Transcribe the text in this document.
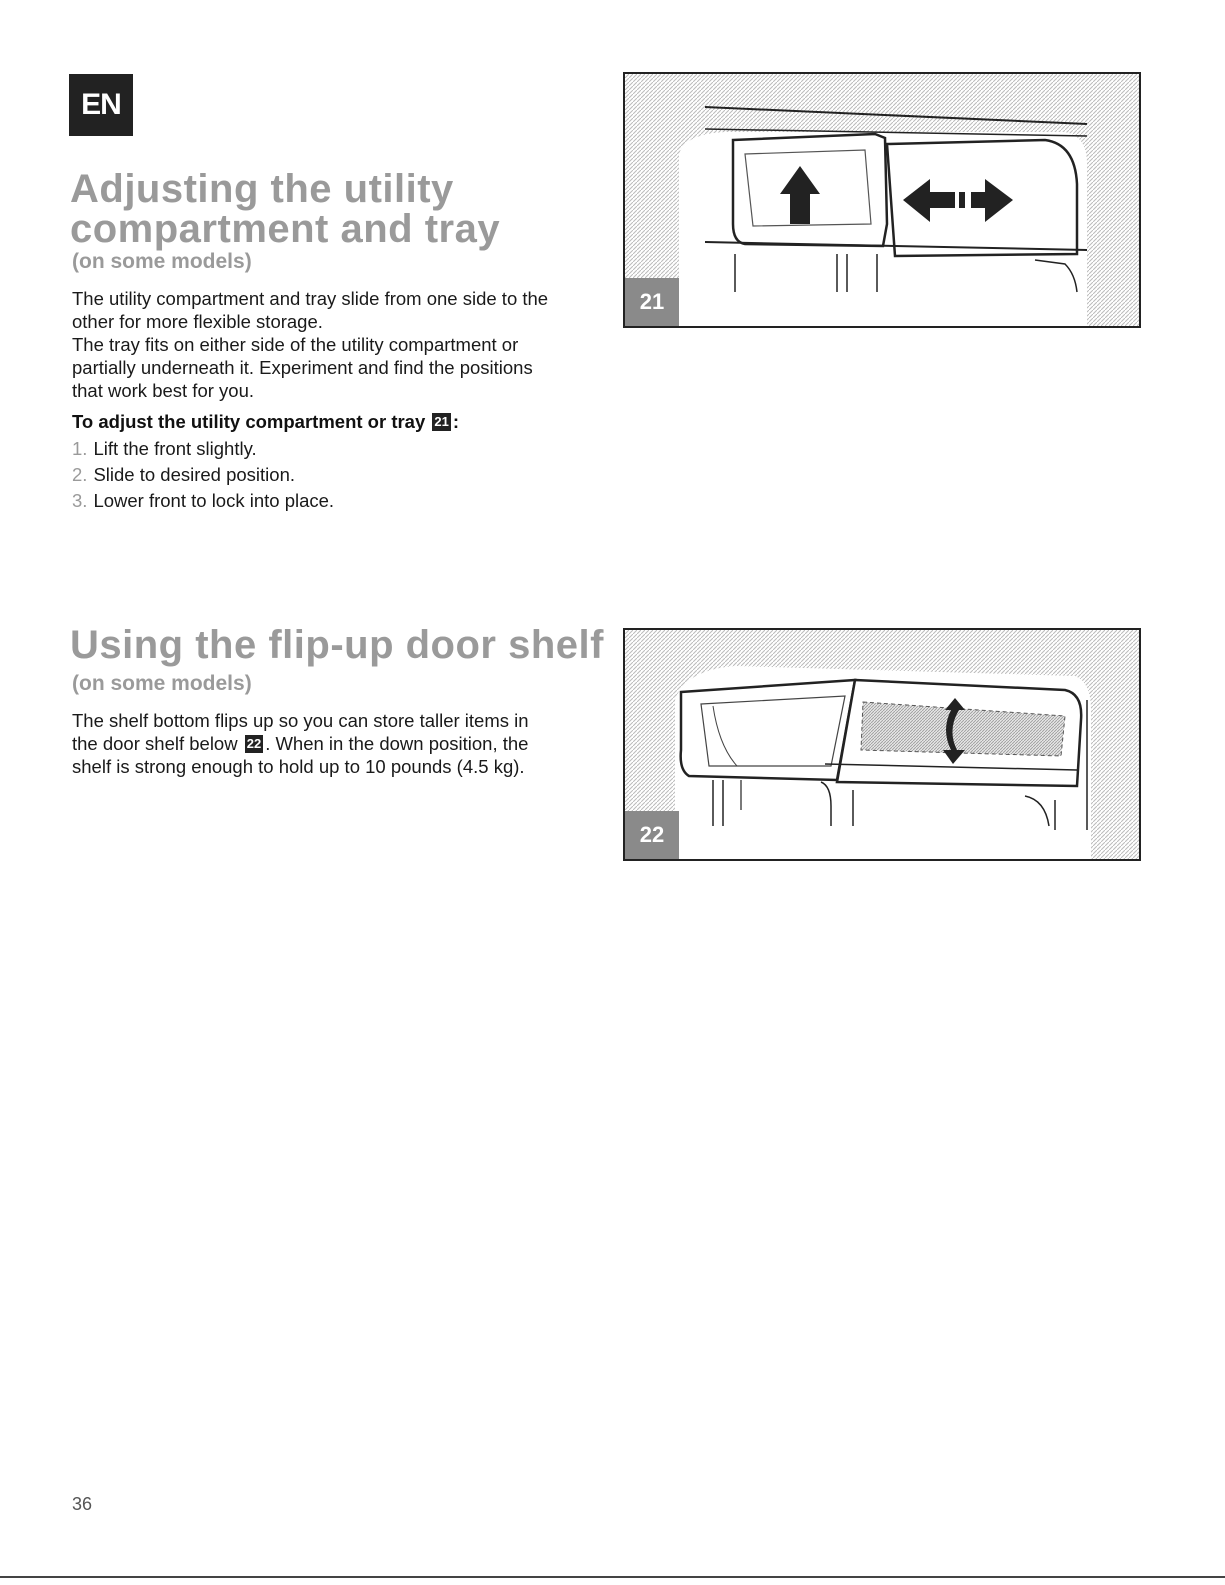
EN
Adjusting the utility
compartment and tray

(on some models)

The utility compartment and tray slide from one side to the
other for more flexible storage.
The tray fits on either side of the utility compartment or
partially underneath it. Experiment and find the positions
that work best for you.

To adjust the utility compartment or tray 21 :

1. Lift the front slightly.
2. Slide to desired position.
3. Lower front to lock into place.
21
Using the flip-up door shelf

(on some models)

The shelf bottom flips up so you can store taller items in
the door shelf below 22 . When in the down position, the
shelf is strong enough to hold up to 10 pounds (4.5 kg).

22
36
